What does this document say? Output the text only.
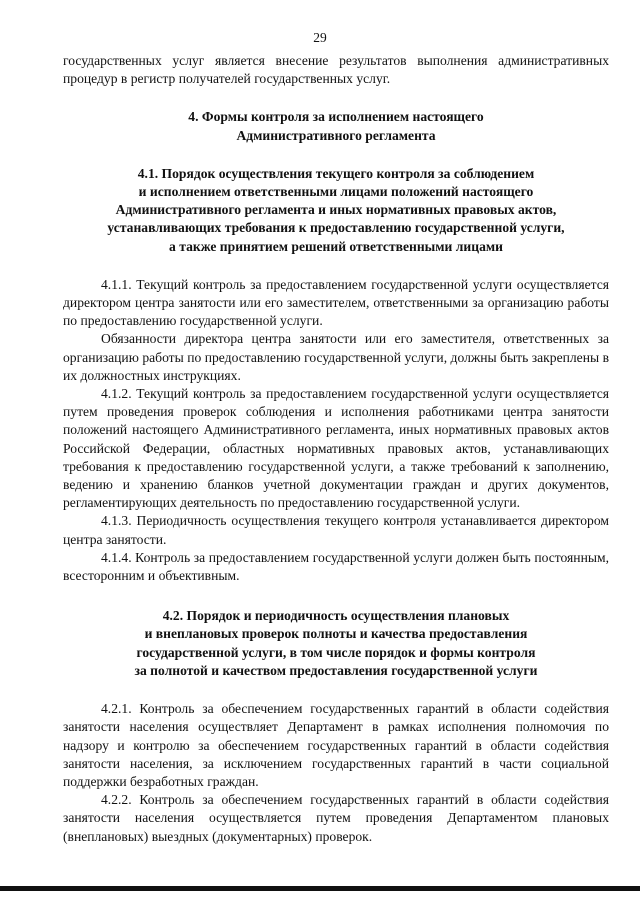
29

государственных услуг является внесение результатов выполнения административных процедур в регистр получателей государственных услуг.

4. Формы контроля за исполнением настоящего
Административного регламента
4.1. Порядок осуществления текущего контроля за соблюдением
и исполнением ответственными лицами положений настоящего
Административного регламента и иных нормативных правовых актов,
устанавливающих требования к предоставлению государственной услуги,
а также принятием решений ответственными лицами

4.1.1. Текущий контроль за предоставлением государственной услуги осуществляется директором центра занятости или его заместителем, ответственными за организацию работы по предоставлению государственной услуги.

Обязанности директора центра занятости или его заместителя, ответственных за организацию работы по предоставлению государственной услуги, должны быть закреплены в их должностных инструкциях.

4.1.2. Текущий контроль за предоставлением государственной услуги осуществляется путем проведения проверок соблюдения и исполнения работниками центра занятости положений настоящего Административного регламента, иных нормативных правовых актов Российской Федерации, областных нормативных правовых актов, устанавливающих требования к предоставлению государственной услуги, а также требований к заполнению, ведению и хранению бланков учетной документации граждан и других документов, регламентирующих деятельность по предоставлению государственной услуги.

4.1.3. Периодичность осуществления текущего контроля устанавливается директором центра занятости.

4.1.4. Контроль за предоставлением государственной услуги должен быть постоянным, всесторонним и объективным.

4.2. Порядок и периодичность осуществления плановых
и внеплановых проверок полноты и качества предоставления
государственной услуги, в том числе порядок и формы контроля
за полнотой и качеством предоставления государственной услуги

4.2.1. Контроль за обеспечением государственных гарантий в области содействия занятости населения осуществляет Департамент в рамках исполнения полномочия по надзору и контролю за обеспечением государственных гарантий в области содействия занятости населения, за исключением государственных гарантий в части социальной поддержки безработных граждан.

4.2.2. Контроль за обеспечением государственных гарантий в области содействия занятости населения осуществляется путем проведения Департаментом плановых (внеплановых) выездных (документарных) проверок.
